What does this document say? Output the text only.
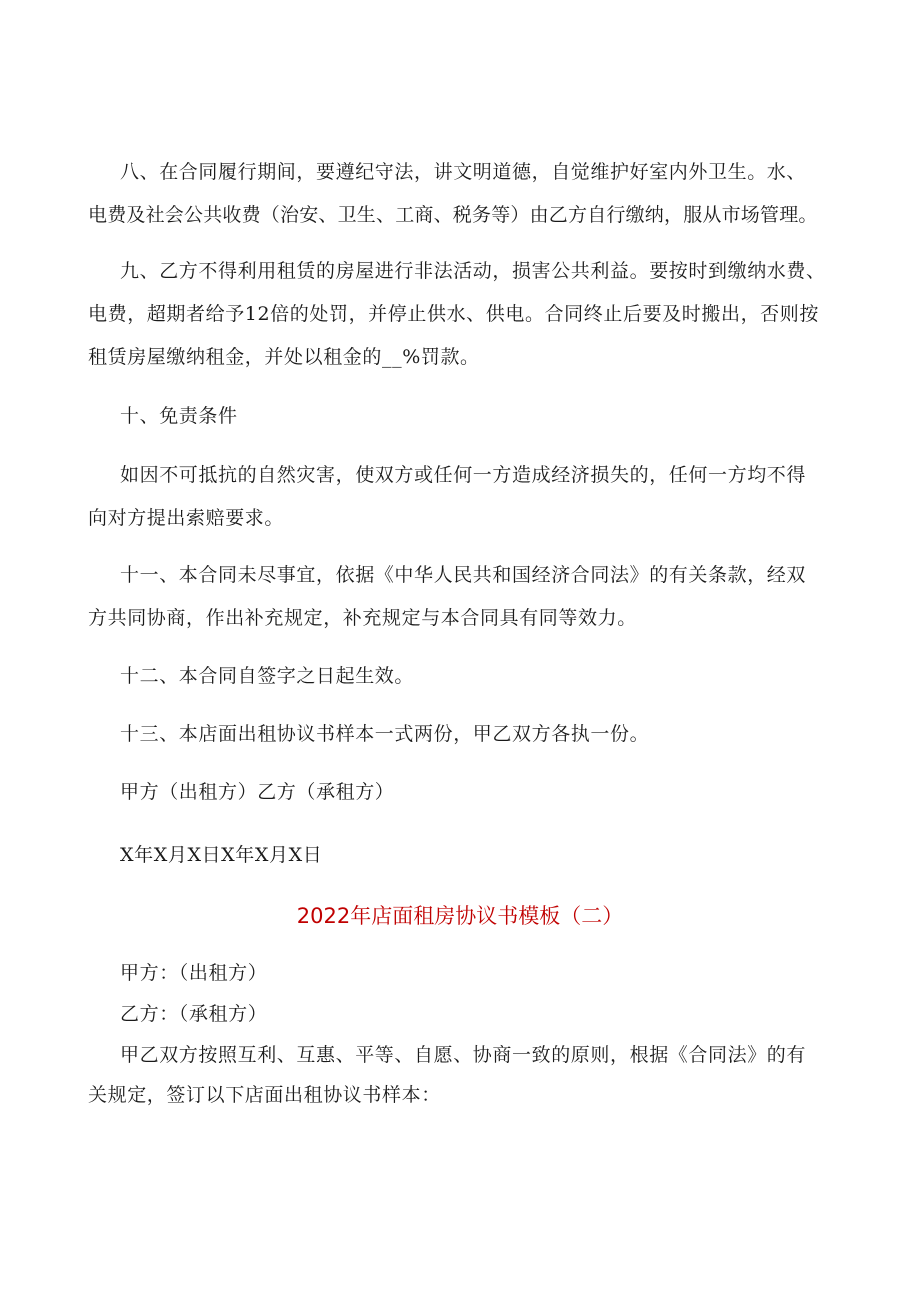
八、在合同履行期间，要遵纪守法，讲文明道德，自觉维护好室内外卫生。水、
电费及社会公共收费（治安、卫生、工商、税务等）由乙方自行缴纳，服从市场管理。
九、乙方不得利用租赁的房屋进行非法活动，损害公共利益。要按时到缴纳水费、
电费，超期者给予12倍的处罚，并停止供水、供电。合同终止后要及时搬出，否则按
租赁房屋缴纳租金，并处以租金的__%罚款。
十、免责条件
如因不可抵抗的自然灾害，使双方或任何一方造成经济损失的，任何一方均不得
向对方提出索赔要求。
十一、本合同未尽事宜，依据《中华人民共和国经济合同法》的有关条款，经双
方共同协商，作出补充规定，补充规定与本合同具有同等效力。
十二、本合同自签字之日起生效。
十三、本店面出租协议书样本一式两份，甲乙双方各执一份。
甲方（出租方）乙方（承租方）
X年X月X日X年X月X日
2022年店面租房协议书模板（二）
甲方：（出租方）
乙方：（承租方）
甲乙双方按照互利、互惠、平等、自愿、协商一致的原则，根据《合同法》的有
关规定，签订以下店面出租协议书样本：
